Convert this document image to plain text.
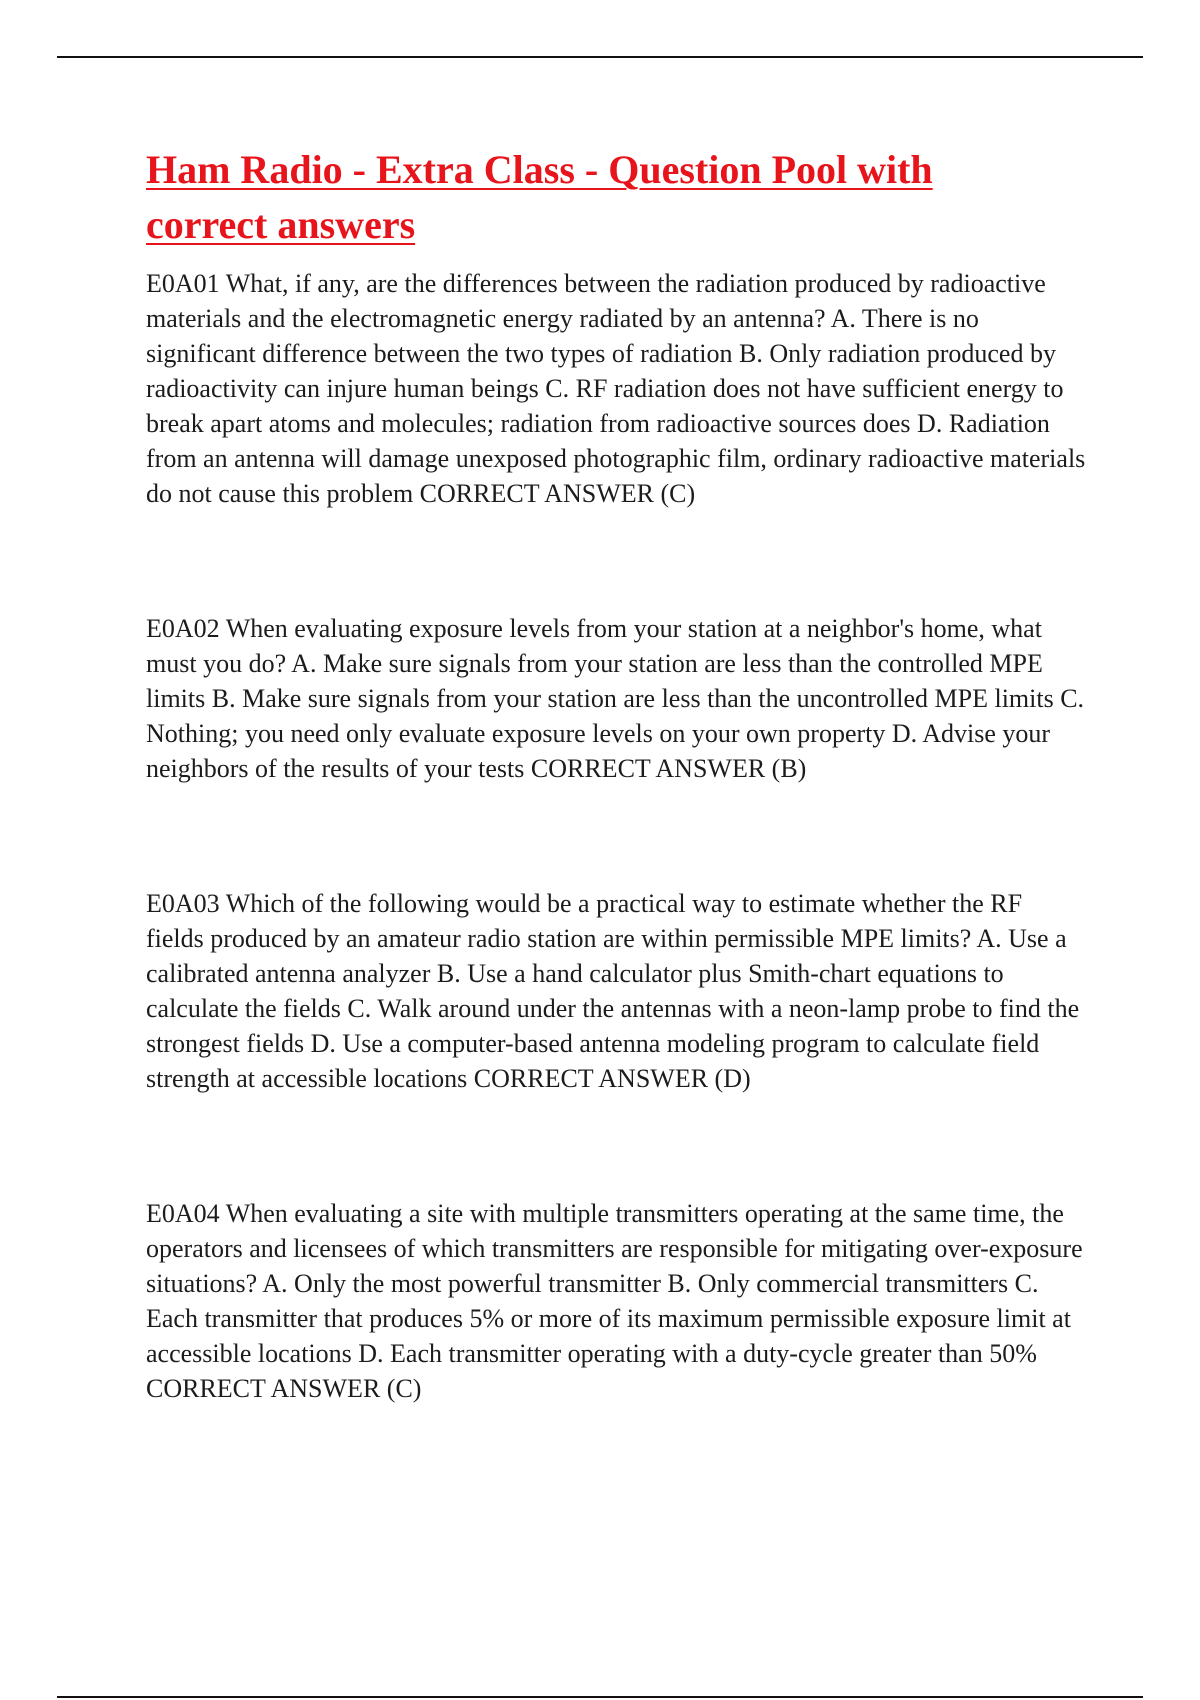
Ham Radio - Extra Class - Question Pool with correct answers

E0A01 What, if any, are the differences between the radiation produced by radioactive materials and the electromagnetic energy radiated by an antenna? A. There is no significant difference between the two types of radiation B. Only radiation produced by radioactivity can injure human beings C. RF radiation does not have sufficient energy to break apart atoms and molecules; radiation from radioactive sources does D. Radiation from an antenna will damage unexposed photographic film, ordinary radioactive materials do not cause this problem CORRECT ANSWER (C)

E0A02 When evaluating exposure levels from your station at a neighbor's home, what must you do? A. Make sure signals from your station are less than the controlled MPE limits B. Make sure signals from your station are less than the uncontrolled MPE limits C. Nothing; you need only evaluate exposure levels on your own property D. Advise your neighbors of the results of your tests CORRECT ANSWER (B)

E0A03 Which of the following would be a practical way to estimate whether the RF fields produced by an amateur radio station are within permissible MPE limits? A. Use a calibrated antenna analyzer B. Use a hand calculator plus Smith-chart equations to calculate the fields C. Walk around under the antennas with a neon-lamp probe to find the strongest fields D. Use a computer-based antenna modeling program to calculate field strength at accessible locations CORRECT ANSWER (D)

E0A04 When evaluating a site with multiple transmitters operating at the same time, the operators and licensees of which transmitters are responsible for mitigating over-exposure situations? A. Only the most powerful transmitter B. Only commercial transmitters C. Each transmitter that produces 5% or more of its maximum permissible exposure limit at accessible locations D. Each transmitter operating with a duty-cycle greater than 50% CORRECT ANSWER (C)
